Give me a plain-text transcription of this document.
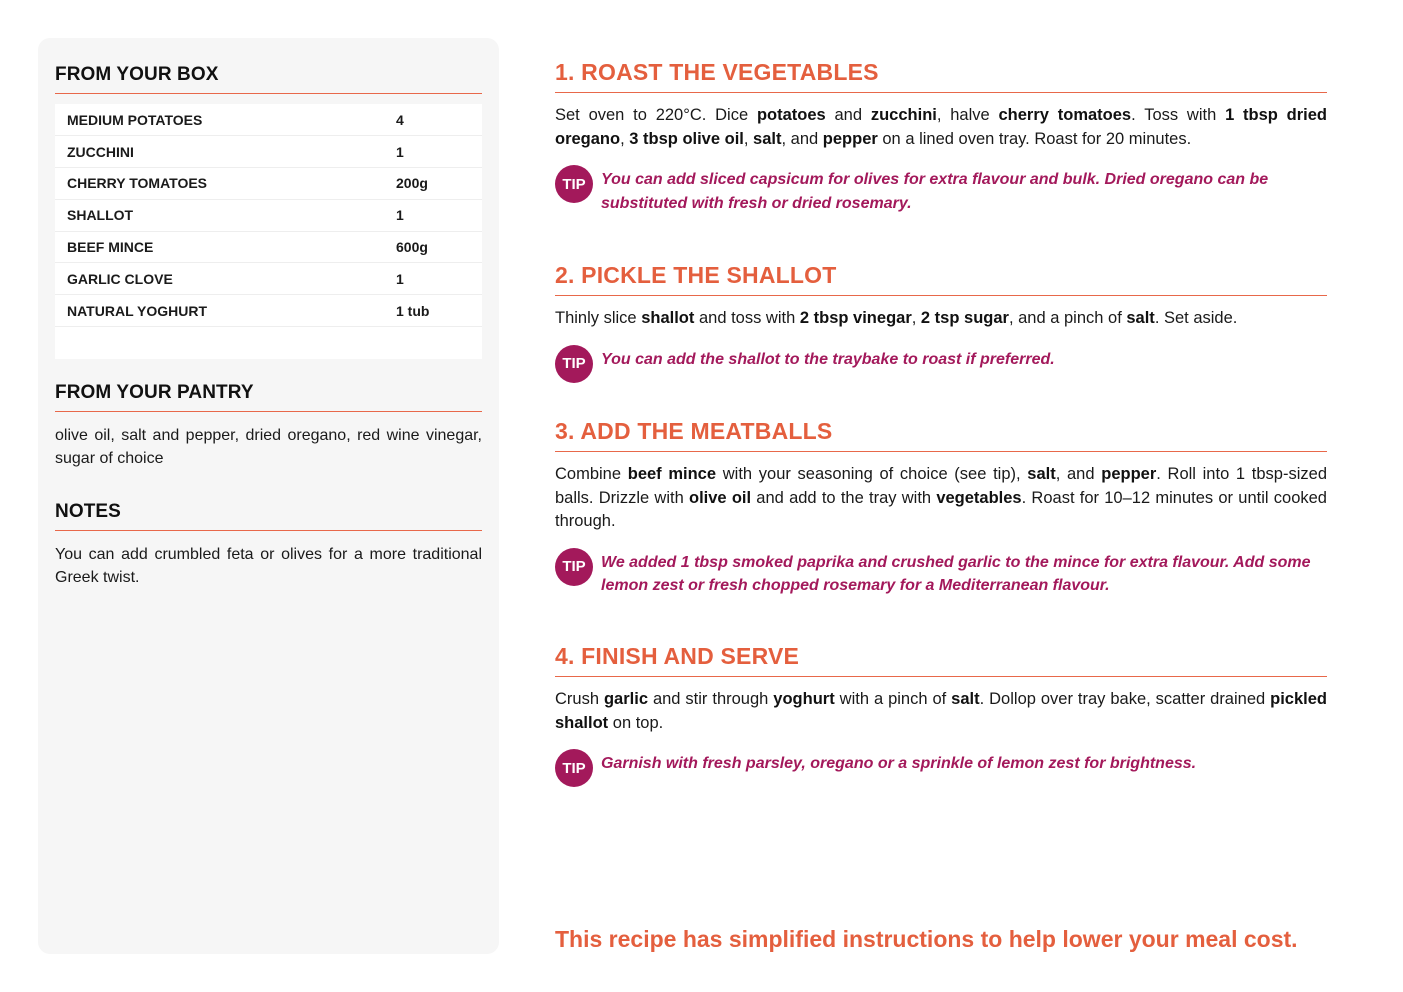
FROM YOUR BOX
MEDIUM POTATOES	4
ZUCCHINI	1
CHERRY TOMATOES	200g
SHALLOT	1
BEEF MINCE	600g
GARLIC CLOVE	1
NATURAL YOGHURT	1 tub

FROM YOUR PANTRY
olive oil, salt and pepper, dried oregano, red wine vinegar, sugar of choice
NOTES
You can add crumbled feta or olives for a more traditional Greek twist.
1. ROAST THE VEGETABLES
Set oven to 220°C. Dice potatoes and zucchini, halve cherry tomatoes. Toss with 1 tbsp dried oregano, 3 tbsp olive oil, salt, and pepper on a lined oven tray. Roast for 20 minutes.
TIP You can add sliced capsicum for olives for extra flavour and bulk. Dried oregano can be substituted with fresh or dried rosemary.
2. PICKLE THE SHALLOT
Thinly slice shallot and toss with 2 tbsp vinegar, 2 tsp sugar, and a pinch of salt. Set aside.
TIP You can add the shallot to the traybake to roast if preferred.
3. ADD THE MEATBALLS
Combine beef mince with your seasoning of choice (see tip), salt, and pepper. Roll into 1 tbsp-sized balls. Drizzle with olive oil and add to the tray with vegetables. Roast for 10–12 minutes or until cooked through.
TIP We added 1 tbsp smoked paprika and crushed garlic to the mince for extra flavour. Add some lemon zest or fresh chopped rosemary for a Mediterranean flavour.
4. FINISH AND SERVE
Crush garlic and stir through yoghurt with a pinch of salt. Dollop over tray bake, scatter drained pickled shallot on top.
TIP Garnish with fresh parsley, oregano or a sprinkle of lemon zest for brightness.
This recipe has simplified instructions to help lower your meal cost.
